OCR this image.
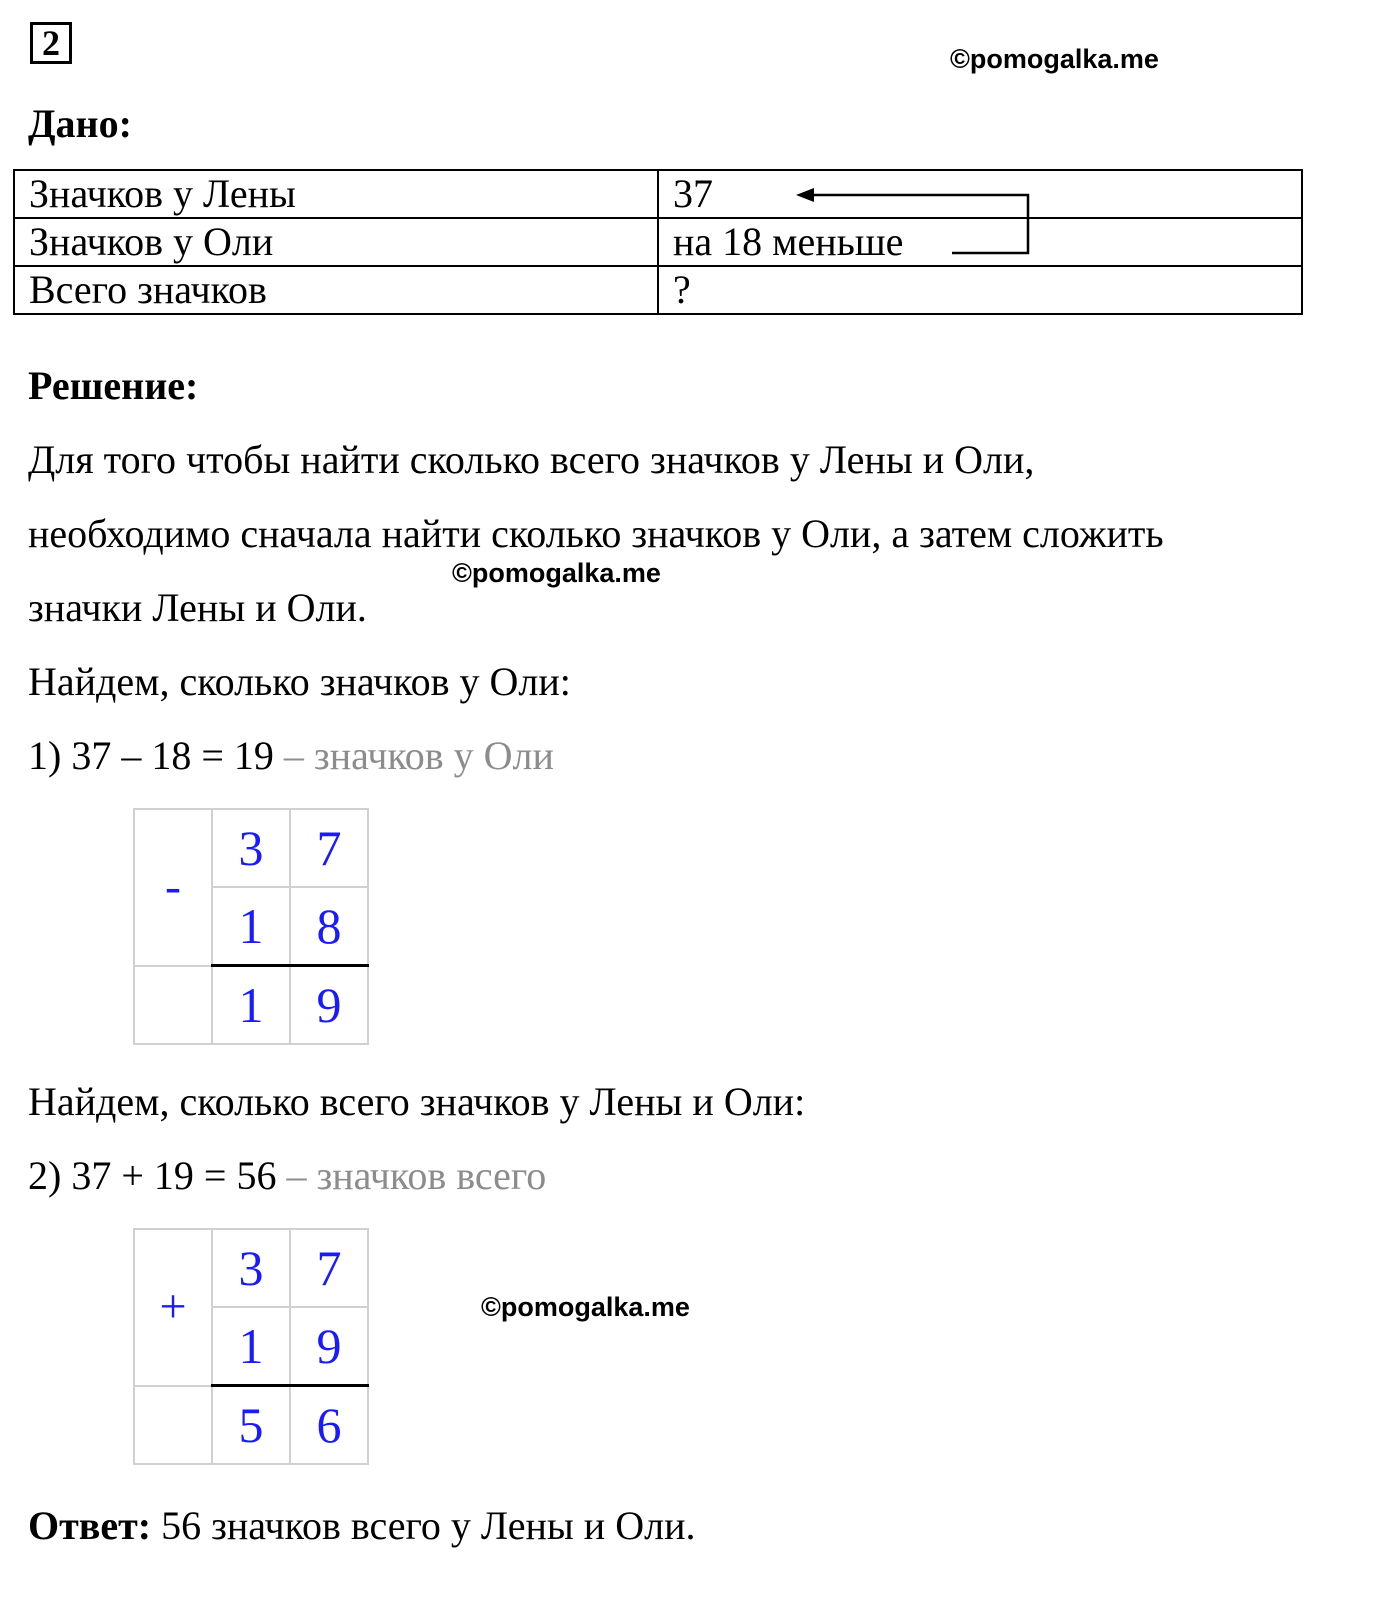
2	©pomogalka.me
Дано:
Значков у Лены	37
Значков у Оли	на 18 меньше
Всего значков	?
Решение:
Для того чтобы найти сколько всего значков у Лены и Оли,
необходимо сначала найти сколько значков у Оли, а затем сложить
©pomogalka.me
значки Лены и Оли.
Найдем, сколько значков у Оли:
1) 37 – 18 = 19 – значков у Оли
-	3	7
	1	8
	1	9
Найдем, сколько всего значков у Лены и Оли:
2) 37 + 19 = 56 – значков всего
+	3	7
	1	9
	5	6
©pomogalka.me
Ответ: 56 значков всего у Лены и Оли.
